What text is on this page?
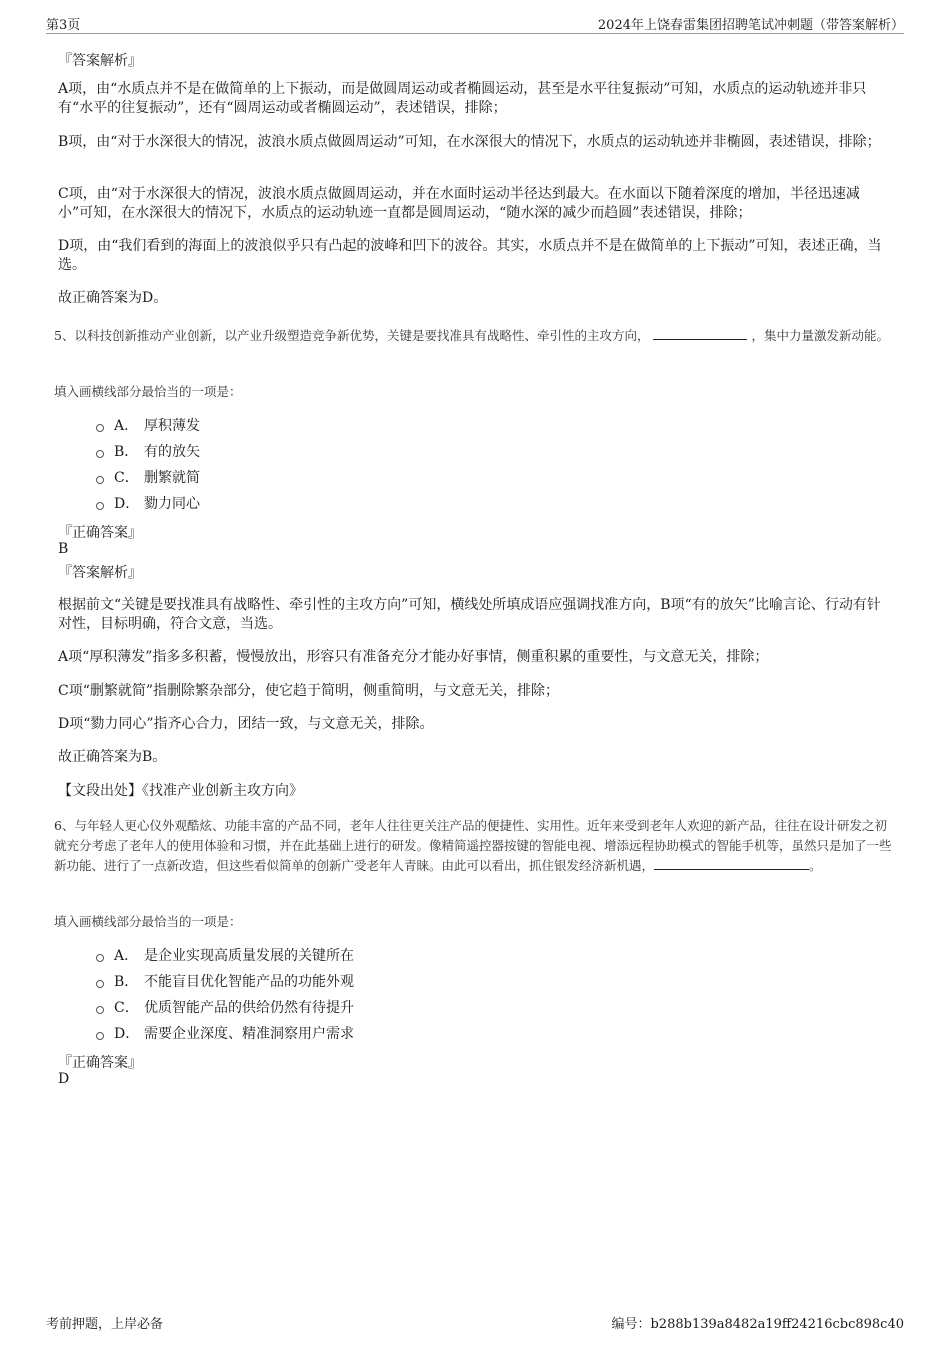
第3页	2024年上饶春雷集团招聘笔试冲刺题（带答案解析）
『答案解析』

A项，由“水质点并不是在做简单的上下振动，而是做圆周运动或者椭圆运动，甚至是水平往复振动”可知，水质点的运动轨迹并非只有“水平的往复振动”，还有“圆周运动或者椭圆运动”，表述错误，排除；

B项，由“对于水深很大的情况，波浪水质点做圆周运动”可知，在水深很大的情况下，水质点的运动轨迹并非椭圆，表述错误，排除；

C项，由“对于水深很大的情况，波浪水质点做圆周运动，并在水面时运动半径达到最大。在水面以下随着深度的增加，半径迅速减小”可知，在水深很大的情况下，水质点的运动轨迹一直都是圆周运动，“随水深的减少而趋圆”表述错误，排除；

D项，由“我们看到的海面上的波浪似乎只有凸起的波峰和凹下的波谷。其实，水质点并不是在做简单的上下振动”可知，表述正确，当选。

故正确答案为D。

5、以科技创新推动产业创新，以产业升级塑造竞争新优势，关键是要找准具有战略性、牵引性的主攻方向，	，集中力量激发新动能。

填入画横线部分最恰当的一项是：
A． 厚积薄发
B． 有的放矢
C． 删繁就简
D． 勠力同心
『正确答案』
B
『答案解析』

根据前文“关键是要找准具有战略性、牵引性的主攻方向”可知，横线处所填成语应强调找准方向，B项“有的放矢”比喻言论、行动有针对性，目标明确，符合文意，当选。

A项“厚积薄发”指多多积蓄，慢慢放出，形容只有准备充分才能办好事情，侧重积累的重要性，与文意无关，排除；

C项“删繁就简”指删除繁杂部分，使它趋于简明，侧重简明，与文意无关，排除；

D项“勠力同心”指齐心合力，团结一致，与文意无关，排除。

故正确答案为B。

【文段出处】《找准产业创新主攻方向》

6、与年轻人更心仪外观酷炫、功能丰富的产品不同，老年人往往更关注产品的便捷性、实用性。近年来受到老年人欢迎的新产品，往往在设计研发之初就充分考虑了老年人的使用体验和习惯，并在此基础上进行的研发。像精简遥控器按键的智能电视、增添远程协助模式的智能手机等，虽然只是加了一些新功能、进行了一点新改造，但这些看似简单的创新广受老年人青睐。由此可以看出，抓住银发经济新机遇，	。

填入画横线部分最恰当的一项是：
A． 是企业实现高质量发展的关键所在
B． 不能盲目优化智能产品的功能外观
C． 优质智能产品的供给仍然有待提升
D． 需要企业深度、精准洞察用户需求
『正确答案』
D
考前押题，上岸必备	编号：b288b139a8482a19ff24216cbc898c40
